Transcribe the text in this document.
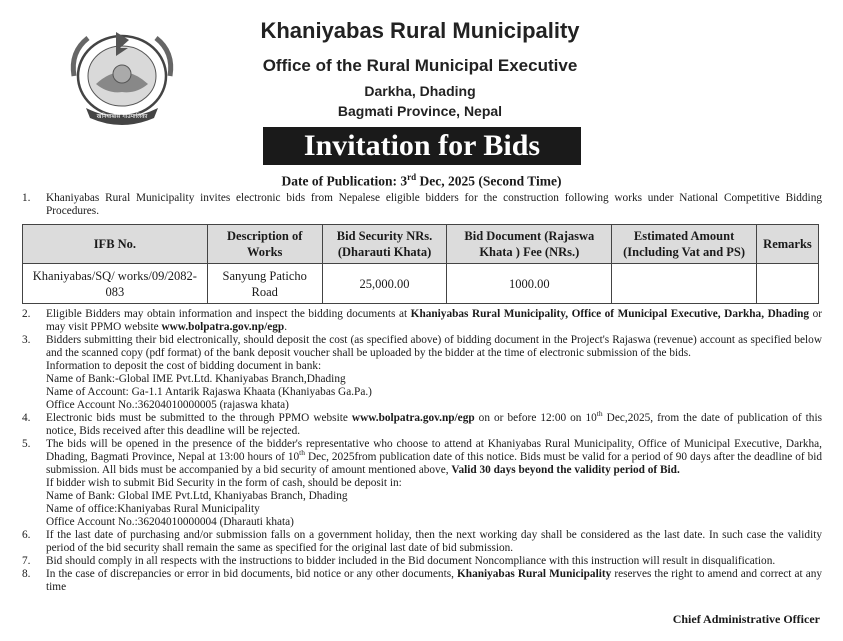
खनियाबास गाउँपालिका
Khaniyabas Rural Municipality
Office of the Rural Municipal Executive
Darkha, Dhading
Bagmati Province, Nepal
Invitation for Bids
Date of Publication: 3rd Dec, 2025 (Second Time)
1.	Khaniyabas Rural Municipality invites electronic bids from Nepalese eligible bidders for the construction following works under National Competitive Bidding Procedures.
IFB No.	Description of Works	Bid Security NRs. (Dharauti Khata)	Bid Document (Rajaswa Khata ) Fee (NRs.)	Estimated Amount (Including Vat and PS)	Remarks
Khaniyabas/SQ/ works/09/2082-083	Sanyung Paticho Road	25,000.00	1000.00		
2.	Eligible Bidders may obtain information and inspect the bidding documents at Khaniyabas Rural Municipality, Office of Municipal Executive, Darkha, Dhading or may visit PPMO website www.bolpatra.gov.np/egp.
3.	Bidders submitting their bid electronically, should deposit the cost (as specified above) of bidding document in the Project's Rajaswa (revenue) account as specified below and the scanned copy (pdf format) of the bank deposit voucher shall be uploaded by the bidder at the time of electronic submission of the bids.
Information to deposit the cost of bidding document in bank:
Name of Bank:-Global IME Pvt.Ltd. Khaniyabas Branch,Dhading
Name of Account: Ga-1.1 Antarik Rajaswa Khaata (Khaniyabas Ga.Pa.)
Office Account No.:36204010000005 (rajaswa khata)
4.	Electronic bids must be submitted to the through PPMO website www.bolpatra.gov.np/egp on or before 12:00 on 10th Dec,2025, from the date of publication of this notice, Bids received after this deadline will be rejected.
5.	The bids will be opened in the presence of the bidder's representative who choose to attend at Khaniyabas Rural Municipality, Office of Municipal Executive, Darkha, Dhading, Bagmati Province, Nepal at 13:00 hours of 10th Dec, 2025from publication date of this notice. Bids must be valid for a period of 90 days after the deadline of bid submission. All bids must be accompanied by a bid security of amount mentioned above, Valid 30 days beyond the validity period of Bid.
If bidder wish to submit Bid Security in the form of cash, should be deposit in:
Name of Bank: Global IME Pvt.Ltd, Khaniyabas Branch, Dhading
Name of office:Khaniyabas Rural Municipality
Office Account No.:36204010000004 (Dharauti khata)
6.	If the last date of purchasing and/or submission falls on a government holiday, then the next working day shall be considered as the last date. In such case the validity period of the bid security shall remain the same as specified for the original last date of bid submission.
7.	Bid should comply in all respects with the instructions to bidder included in the Bid document Noncompliance with this instruction will result in disqualification.
8.	In the case of discrepancies or error in bid documents, bid notice or any other documents, Khaniyabas Rural Municipality reserves the right to amend and correct at any time
Chief Administrative Officer
